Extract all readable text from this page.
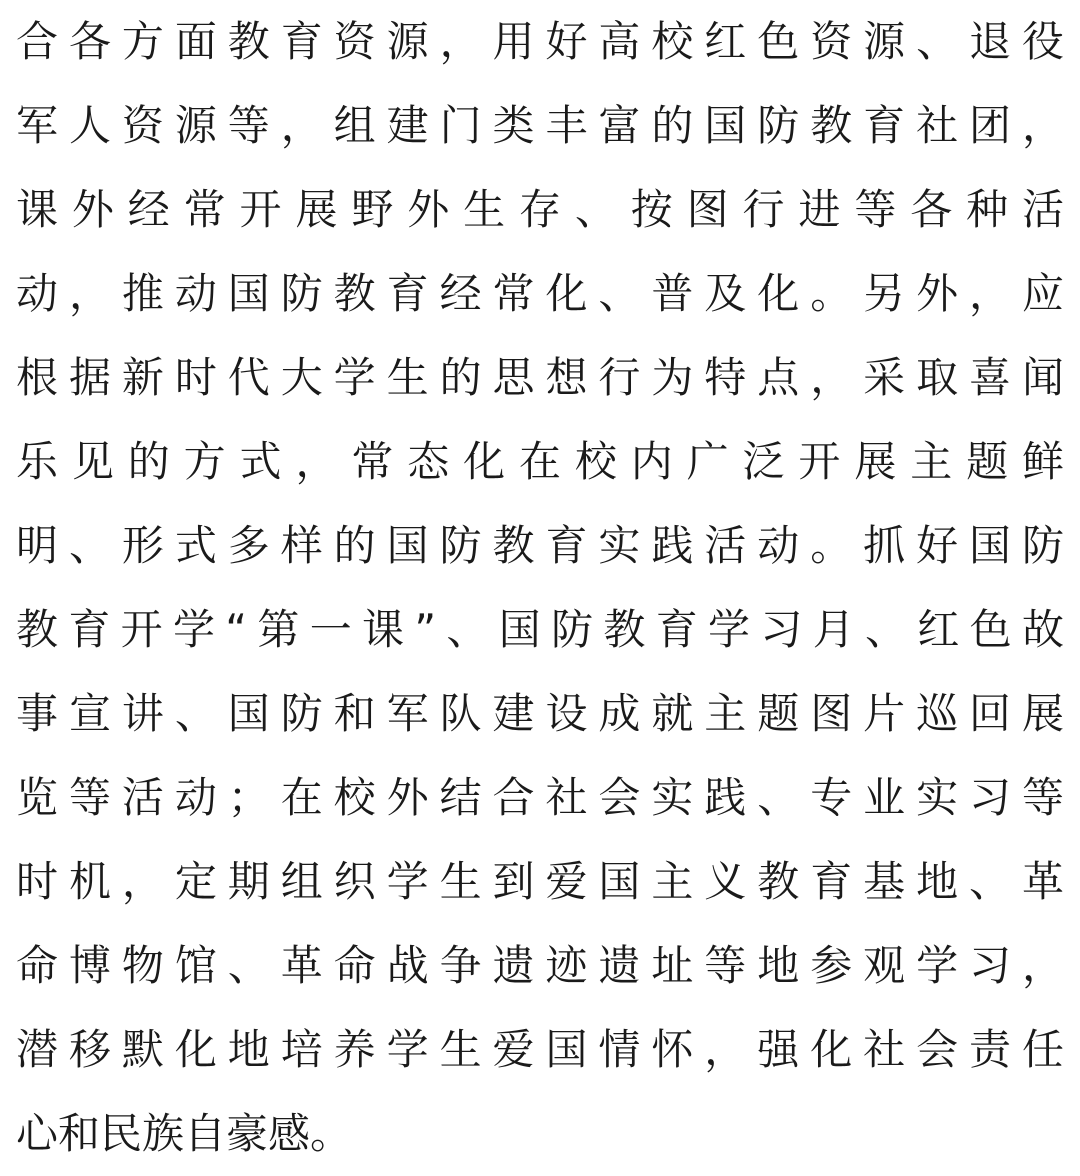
合各方面教育资源，用好高校红色资源、退役
军人资源等，组建门类丰富的国防教育社团，
课外经常开展野外生存、按图行进等各种活
动，推动国防教育经常化、普及化。另外，应
根据新时代大学生的思想行为特点，采取喜闻
乐见的方式，常态化在校内广泛开展主题鲜
明、形式多样的国防教育实践活动。抓好国防
教育开学“第一课”、国防教育学习月、红色故
事宣讲、国防和军队建设成就主题图片巡回展
览等活动；在校外结合社会实践、专业实习等
时机，定期组织学生到爱国主义教育基地、革
命博物馆、革命战争遗迹遗址等地参观学习，
潜移默化地培养学生爱国情怀，强化社会责任
心和民族自豪感。
